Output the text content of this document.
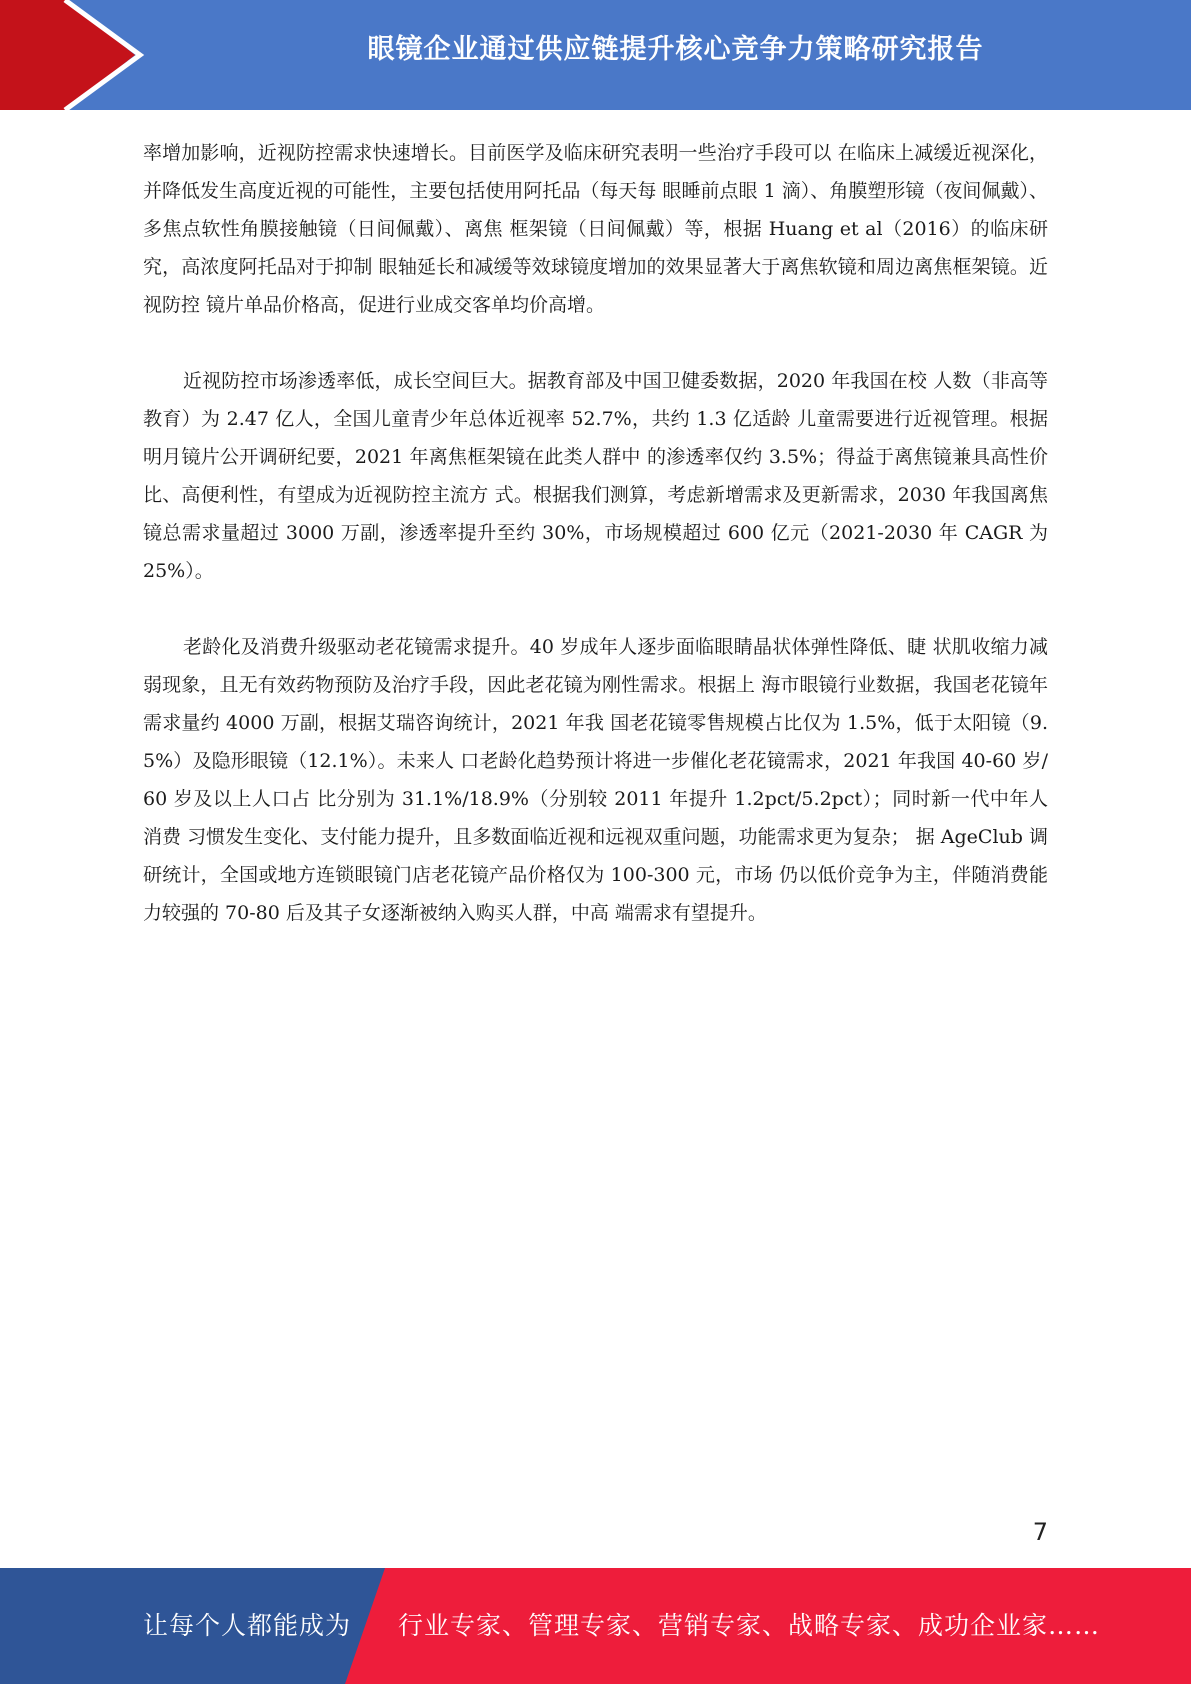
眼镜企业通过供应链提升核心竞争力策略研究报告

率增加影响，近视防控需求快速增长。目前医学及临床研究表明一些治疗手段可以 在临床上减缓近视深化，并降低发生高度近视的可能性，主要包括使用阿托品（每天每 眼睡前点眼 1 滴）、角膜塑形镜（夜间佩戴）、多焦点软性角膜接触镜（日间佩戴）、离焦 框架镜（日间佩戴）等，根据 Huang et al（2016）的临床研究，高浓度阿托品对于抑制 眼轴延长和减缓等效球镜度增加的效果显著大于离焦软镜和周边离焦框架镜。近视防控 镜片单品价格高，促进行业成交客单均价高增。

近视防控市场渗透率低，成长空间巨大。据教育部及中国卫健委数据，2020 年我国在校 人数（非高等教育）为 2.47 亿人，全国儿童青少年总体近视率 52.7%，共约 1.3 亿适龄 儿童需要进行近视管理。根据明月镜片公开调研纪要，2021 年离焦框架镜在此类人群中 的渗透率仅约 3.5%；得益于离焦镜兼具高性价比、高便利性，有望成为近视防控主流方 式。根据我们测算，考虑新增需求及更新需求，2030 年我国离焦镜总需求量超过 3000 万副，渗透率提升至约 30%，市场规模超过 600 亿元（2021-2030 年 CAGR 为 25%）。

老龄化及消费升级驱动老花镜需求提升。40 岁成年人逐步面临眼睛晶状体弹性降低、睫 状肌收缩力减弱现象，且无有效药物预防及治疗手段，因此老花镜为刚性需求。根据上 海市眼镜行业数据，我国老花镜年需求量约 4000 万副，根据艾瑞咨询统计，2021 年我 国老花镜零售规模占比仅为 1.5%，低于太阳镜（9.5%）及隐形眼镜（12.1%）。未来人 口老龄化趋势预计将进一步催化老花镜需求，2021 年我国 40-60 岁/60 岁及以上人口占 比分别为 31.1%/18.9%（分别较 2011 年提升 1.2pct/5.2pct）；同时新一代中年人消费 习惯发生变化、支付能力提升，且多数面临近视和远视双重问题，功能需求更为复杂； 据 AgeClub 调研统计，全国或地方连锁眼镜门店老花镜产品价格仅为 100-300 元，市场 仍以低价竞争为主，伴随消费能力较强的 70-80 后及其子女逐渐被纳入购买人群，中高 端需求有望提升。

7
让每个人都能成为 行业专家、管理专家、营销专家、战略专家、成功企业家……
